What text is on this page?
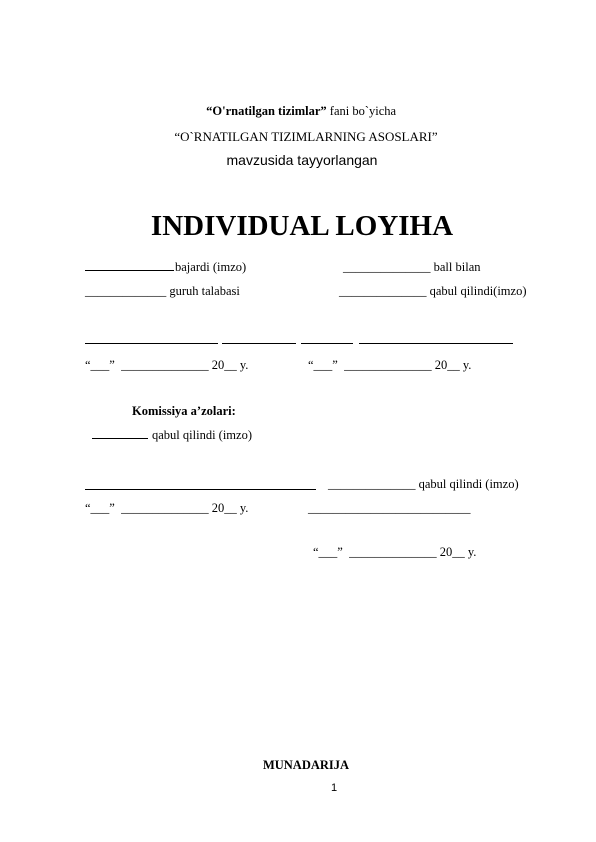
“O'rnatilgan tizimlar” fani bo`yicha

“O`RNATILGAN TIZIMLARNING ASOSLARI”
mavzusida tayyorlangan
INDIVIDUAL LOYIHA
bajardi (imzo)	______________ ball bilan
_____________ guruh talabasi	______________ qabul qilindi(imzo)
“___”  ______________ 20__ y.	“___”  ______________ 20__ y.
Komissiya a’zolari:
qabul qilindi (imzo)
______________ qabul qilindi (imzo)
“___”  ______________ 20__ y.	__________________________
“___”  ______________ 20__ y.
MUNADARIJA
1
